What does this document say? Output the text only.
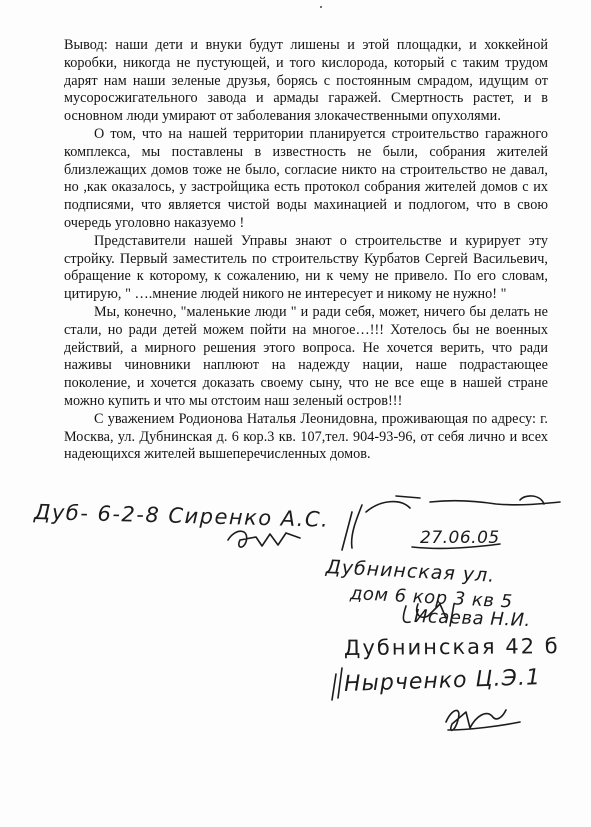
Вывод: наши дети и внуки будут лишены и этой площадки, и хоккейной коробки, никогда не пустующей, и того кислорода, который с таким трудом дарят нам наши зеленые друзья, борясь с постоянным смрадом, идущим от мусоросжигательного завода и армады гаражей. Смертность растет, и в основном люди умирают от заболевания злокачественными опухолями.

О том, что на нашей территории планируется строительство гаражного комплекса, мы поставлены в известность не были, собрания жителей близлежащих домов тоже не было, согласие никто на строительство не давал, но ,как оказалось, у застройщика есть протокол собрания жителей домов с их подписями, что является чистой воды махинацией и подлогом, что в свою очередь уголовно наказуемо !

Представители нашей Управы знают о строительстве и курирует эту стройку. Первый заместитель по строительству Курбатов Сергей Васильевич, обращение к которому, к сожалению, ни к чему не привело. По его словам, цитирую, " ….мнение людей никого не интересует и никому не нужно! "

Мы, конечно, "маленькие люди " и ради себя, может, ничего бы делать не стали, но ради детей можем пойти на многое…!!! Хотелось бы не военных действий, а мирного решения этого вопроса. Не хочется верить, что ради наживы чиновники наплюют на надежду нации, наше подрастающее поколение, и хочется доказать своему сыну, что не все еще в нашей стране можно купить и что мы отстоим наш зеленый остров!!!

С уважением Родионова Наталья Леонидовна, проживающая по адресу: г. Москва, ул. Дубнинская д. 6 кор.3 кв. 107,тел. 904-93-96, от себя лично и всех надеющихся жителей вышеперечисленных домов.

Дуб- 6-2-8 Сиренко А.С.
27.06.05
Дубнинская ул.
дом 6 кор 3 кв 5
Исаева Н.И.
Дубнинская 42 б
Нырченко Ц.Э.1
